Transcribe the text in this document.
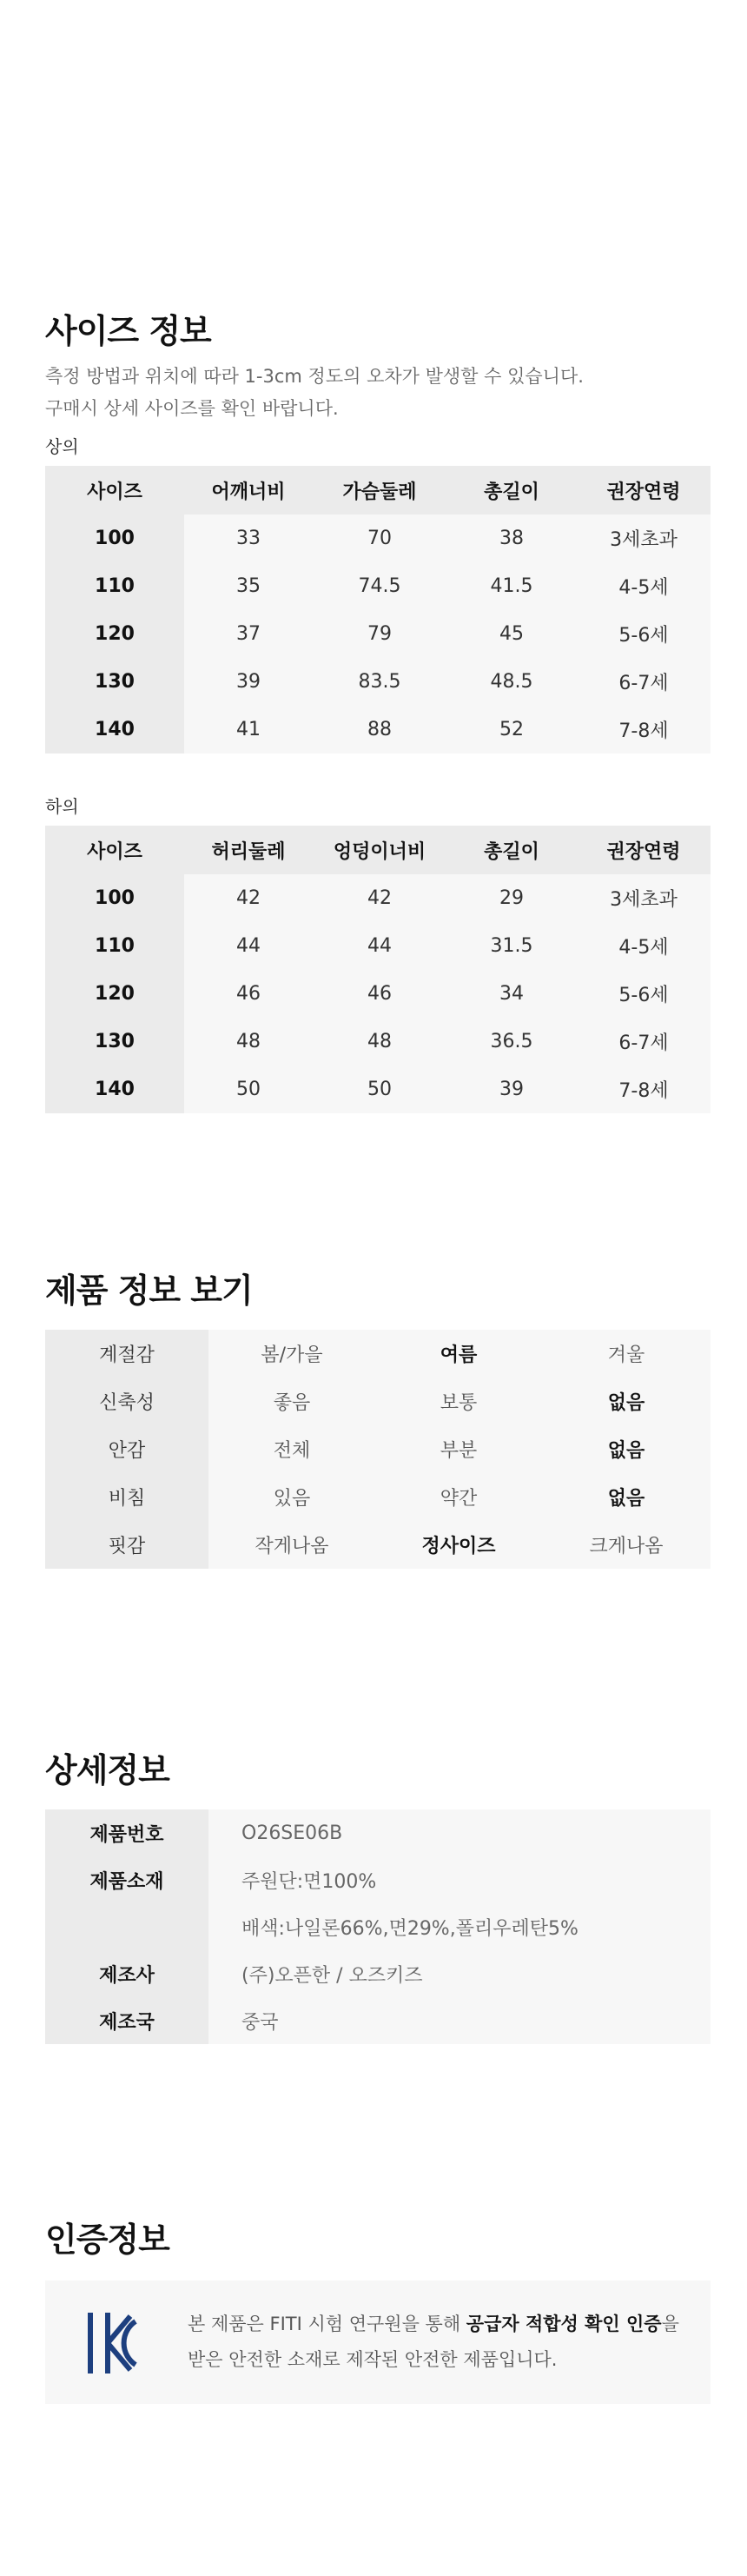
사이즈 정보
측정 방법과 위치에 따라 1-3cm 정도의 오차가 발생할 수 있습니다.
구매시 상세 사이즈를 확인 바랍니다.
상의
사이즈	어깨너비	가슴둘레	총길이	권장연령
100	33	70	38	3세초과
110	35	74.5	41.5	4-5세
120	37	79	45	5-6세
130	39	83.5	48.5	6-7세
140	41	88	52	7-8세
하의
사이즈	허리둘레	엉덩이너비	총길이	권장연령
100	42	42	29	3세초과
110	44	44	31.5	4-5세
120	46	46	34	5-6세
130	48	48	36.5	6-7세
140	50	50	39	7-8세
제품 정보 보기
계절감	봄/가을	여름	겨울
신축성	좋음	보통	없음
안감	전체	부분	없음
비침	있음	약간	없음
핏감	작게나옴	정사이즈	크게나옴
상세정보
제품번호	O26SE06B
제품소재	주원단:면100%
	배색:나일론66%,면29%,폴리우레탄5%
제조사	(주)오픈한 / 오즈키즈
제조국	중국
인증정보
본 제품은 FITI 시험 연구원을 통해 공급자 적합성 확인 인증을
받은 안전한 소재로 제작된 안전한 제품입니다.
